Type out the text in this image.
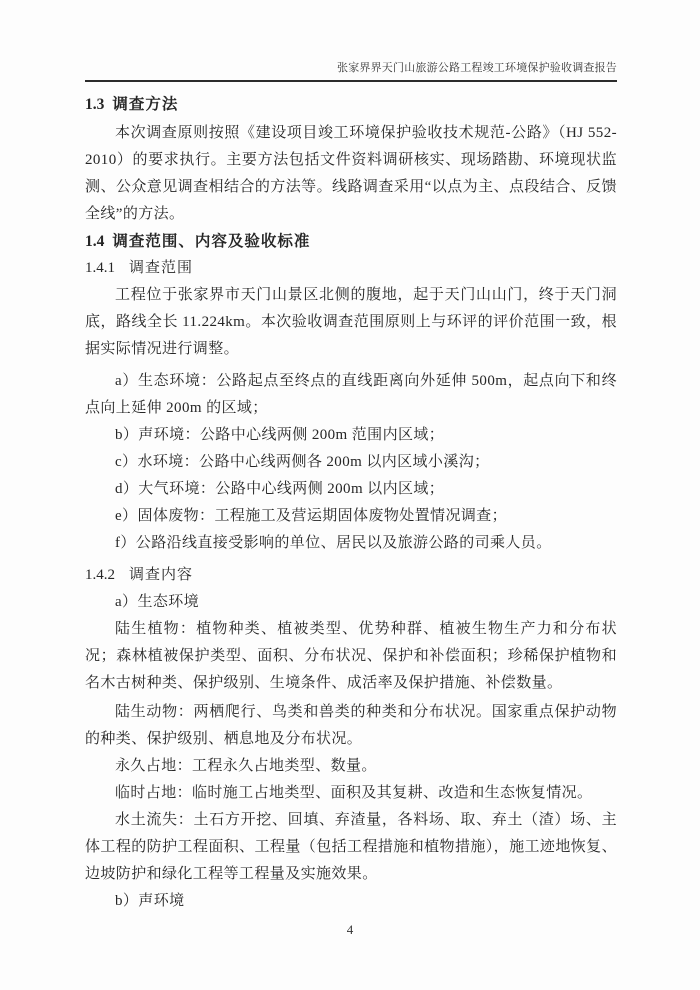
张家界界天门山旅游公路工程竣工环境保护验收调查报告
1.3 调查方法

本次调查原则按照《建设项目竣工环境保护验收技术规范-公路》（HJ 552-2010）的要求执行。主要方法包括文件资料调研核实、现场踏勘、环境现状监测、公众意见调查相结合的方法等。线路调查采用“以点为主、点段结合、反馈全线”的方法。

1.4 调查范围、内容及验收标准
1.4.1 调查范围

工程位于张家界市天门山景区北侧的腹地，起于天门山山门，终于天门洞底，路线全长 11.224km。本次验收调查范围原则上与环评的评价范围一致，根据实际情况进行调整。

a）生态环境：公路起点至终点的直线距离向外延伸 500m，起点向下和终点向上延伸 200m 的区域；

b）声环境：公路中心线两侧 200m 范围内区域；

c）水环境：公路中心线两侧各 200m 以内区域小溪沟；

d）大气环境：公路中心线两侧 200m 以内区域；

e）固体废物：工程施工及营运期固体废物处置情况调查；

f）公路沿线直接受影响的单位、居民以及旅游公路的司乘人员。

1.4.2 调查内容

a）生态环境

陆生植物：植物种类、植被类型、优势种群、植被生物生产力和分布状况；森林植被保护类型、面积、分布状况、保护和补偿面积；珍稀保护植物和名木古树种类、保护级别、生境条件、成活率及保护措施、补偿数量。

陆生动物：两栖爬行、鸟类和兽类的种类和分布状况。国家重点保护动物的种类、保护级别、栖息地及分布状况。

永久占地：工程永久占地类型、数量。

临时占地：临时施工占地类型、面积及其复耕、改造和生态恢复情况。

水土流失：土石方开挖、回填、弃渣量，各料场、取、弃土（渣）场、主体工程的防护工程面积、工程量（包括工程措施和植物措施），施工迹地恢复、边坡防护和绿化工程等工程量及实施效果。

b）声环境

4
